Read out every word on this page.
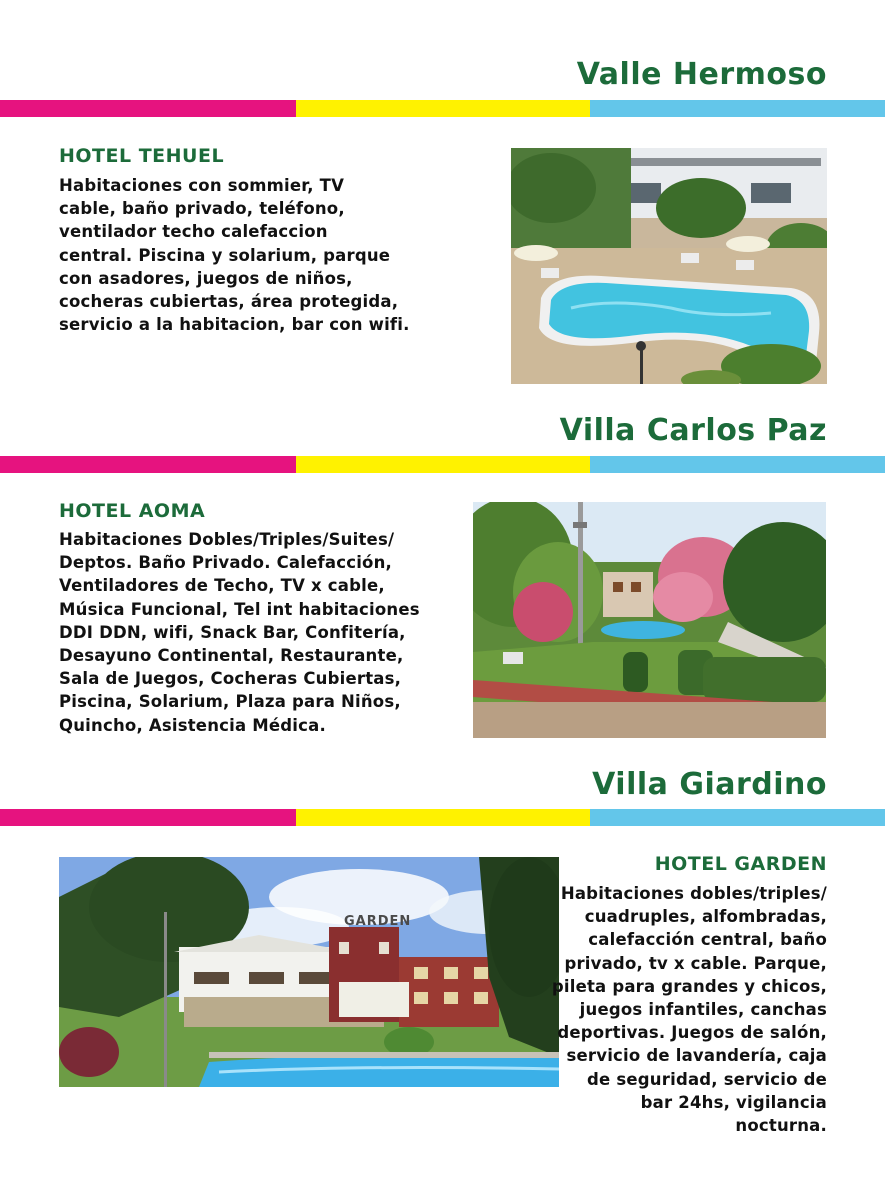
Valle Hermoso
HOTEL TEHUEL
Habitaciones con sommier, TV
cable, baño privado, teléfono,
ventilador techo calefaccion
central. Piscina y solarium, parque
con asadores, juegos de niños,
cocheras cubiertas, área protegida,
servicio a la habitacion, bar con wifi.
Villa Carlos Paz
HOTEL AOMA
Habitaciones Dobles/Triples/Suites/
Deptos. Baño Privado. Calefacción,
Ventiladores de Techo, TV x cable,
Música Funcional, Tel int habitaciones
DDI DDN, wifi, Snack Bar, Confitería,
Desayuno Continental, Restaurante,
Sala de Juegos, Cocheras Cubiertas,
Piscina, Solarium, Plaza para Niños,
Quincho, Asistencia Médica.
Villa Giardino
GARDEN
HOTEL GARDEN
Habitaciones dobles/triples/
cuadruples, alfombradas,
calefacción central, baño
privado, tv x cable. Parque,
pileta para grandes y chicos,
juegos infantiles, canchas
deportivas. Juegos de salón,
servicio de lavandería, caja
de seguridad, servicio de
bar 24hs, vigilancia
nocturna.
